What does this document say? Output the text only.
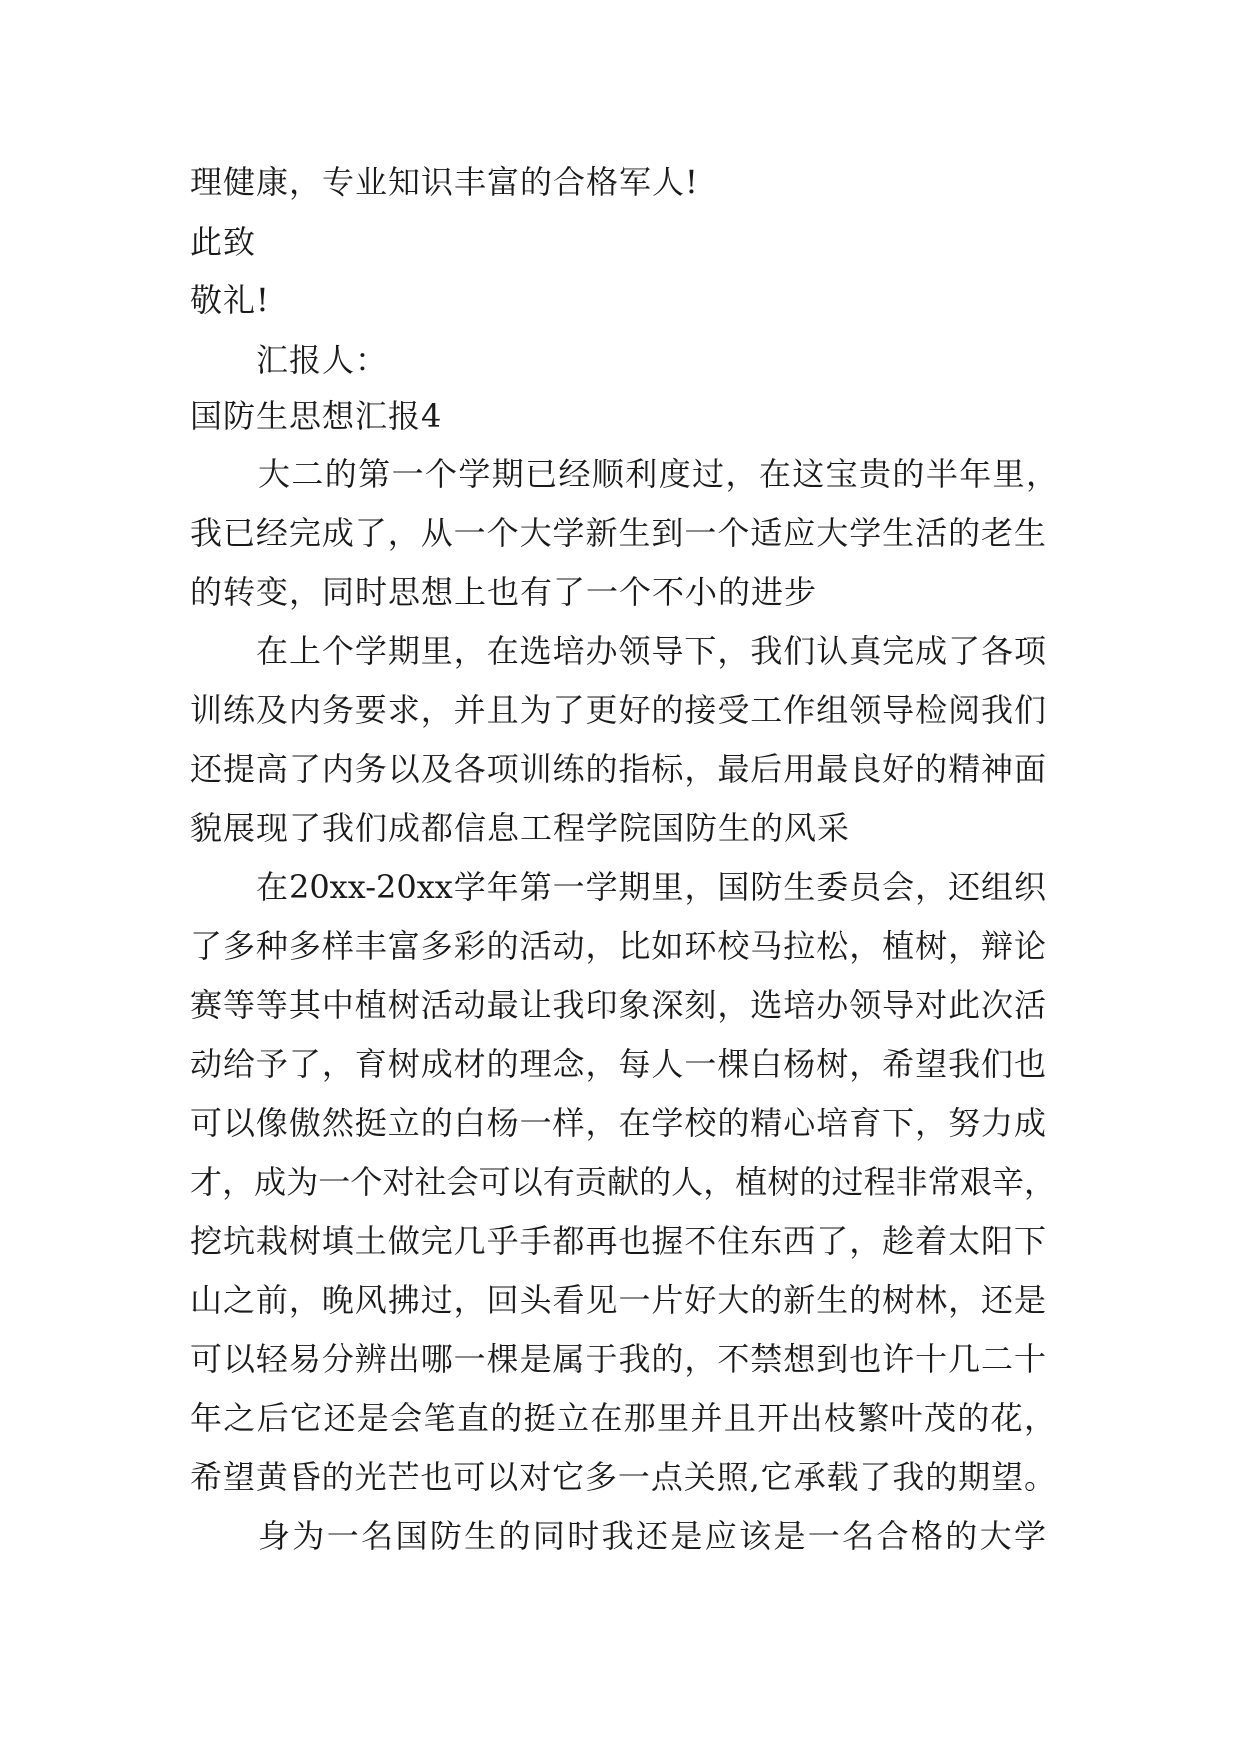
理健康，专业知识丰富的合格军人!
此致
敬礼!
汇报人：
国防生思想汇报4
大二的第一个学期已经顺利度过，在这宝贵的半年里，
我已经完成了，从一个大学新生到一个适应大学生活的老生
的转变，同时思想上也有了一个不小的进步
在上个学期里，在选培办领导下，我们认真完成了各项
训练及内务要求，并且为了更好的接受工作组领导检阅我们
还提高了内务以及各项训练的指标，最后用最良好的精神面
貌展现了我们成都信息工程学院国防生的风采
在20xx-20xx学年第一学期里，国防生委员会，还组织
了多种多样丰富多彩的活动，比如环校马拉松，植树，辩论
赛等等其中植树活动最让我印象深刻，选培办领导对此次活
动给予了，育树成材的理念，每人一棵白杨树，希望我们也
可以像傲然挺立的白杨一样，在学校的精心培育下，努力成
才，成为一个对社会可以有贡献的人，植树的过程非常艰辛，
挖坑栽树填土做完几乎手都再也握不住东西了，趁着太阳下
山之前，晚风拂过，回头看见一片好大的新生的树林，还是
可以轻易分辨出哪一棵是属于我的，不禁想到也许十几二十
年之后它还是会笔直的挺立在那里并且开出枝繁叶茂的花，
希望黄昏的光芒也可以对它多一点关照,它承载了我的期望。
身为一名国防生的同时我还是应该是一名合格的大学
